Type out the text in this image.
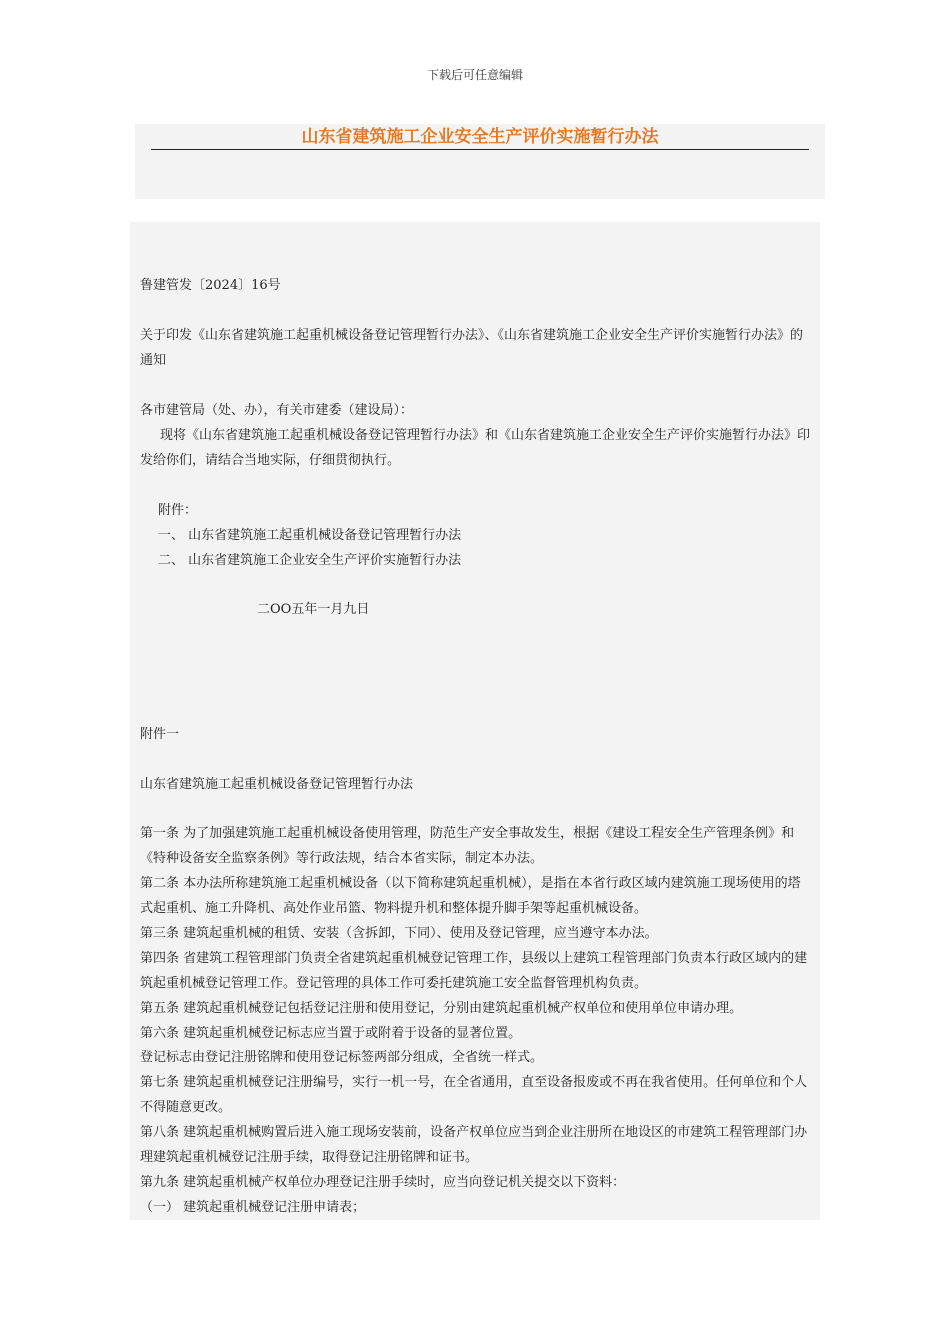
下载后可任意编辑
山东省建筑施工企业安全生产评价实施暂行办法
鲁建管发〔2024〕16号
关于印发《山东省建筑施工起重机械设备登记管理暂行办法》、《山东省建筑施工企业安全生产评价实施暂行办法》的通知
各市建管局（处、办），有关市建委（建设局）：
现将《山东省建筑施工起重机械设备登记管理暂行办法》和《山东省建筑施工企业安全生产评价实施暂行办法》印发给你们，请结合当地实际，仔细贯彻执行。
附件：
一、 山东省建筑施工起重机械设备登记管理暂行办法
二、 山东省建筑施工企业安全生产评价实施暂行办法
二OO五年一月九日
附件一
山东省建筑施工起重机械设备登记管理暂行办法
第一条 为了加强建筑施工起重机械设备使用管理，防范生产安全事故发生，根据《建设工程安全生产管理条例》和《特种设备安全监察条例》等行政法规，结合本省实际，制定本办法。
第二条 本办法所称建筑施工起重机械设备（以下简称建筑起重机械），是指在本省行政区域内建筑施工现场使用的塔式起重机、施工升降机、高处作业吊篮、物料提升机和整体提升脚手架等起重机械设备。
第三条 建筑起重机械的租赁、安装（含拆卸，下同）、使用及登记管理，应当遵守本办法。
第四条 省建筑工程管理部门负责全省建筑起重机械登记管理工作，县级以上建筑工程管理部门负责本行政区域内的建筑起重机械登记管理工作。登记管理的具体工作可委托建筑施工安全监督管理机构负责。
第五条 建筑起重机械登记包括登记注册和使用登记，分别由建筑起重机械产权单位和使用单位申请办理。
第六条 建筑起重机械登记标志应当置于或附着于设备的显著位置。
登记标志由登记注册铭牌和使用登记标签两部分组成，全省统一样式。
第七条 建筑起重机械登记注册编号，实行一机一号，在全省通用，直至设备报废或不再在我省使用。任何单位和个人不得随意更改。
第八条 建筑起重机械购置后进入施工现场安装前，设备产权单位应当到企业注册所在地设区的市建筑工程管理部门办理建筑起重机械登记注册手续，取得登记注册铭牌和证书。
第九条 建筑起重机械产权单位办理登记注册手续时，应当向登记机关提交以下资料：
（一） 建筑起重机械登记注册申请表；
